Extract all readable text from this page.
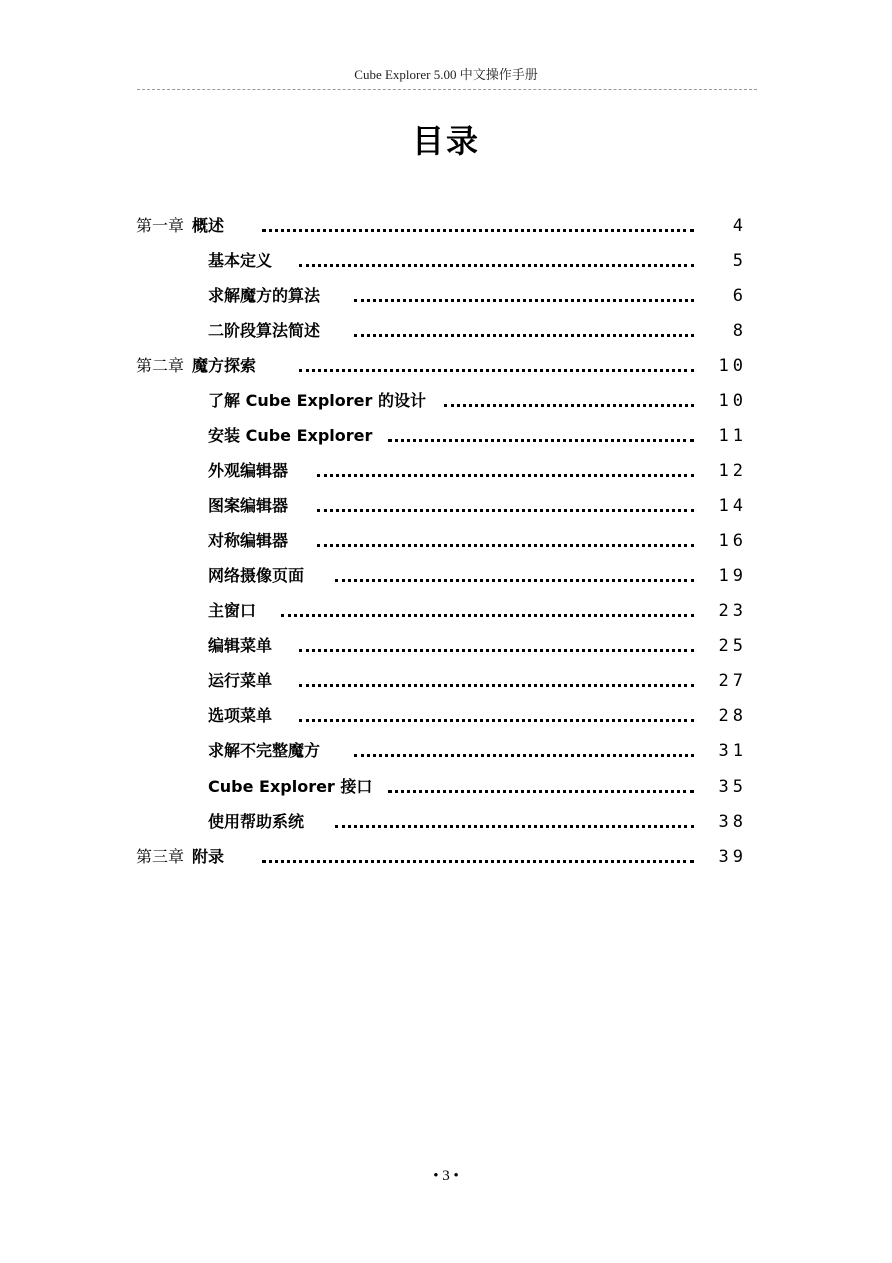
Cube Explorer 5.00 中文操作手册
目录
第一章 概述	4
基本定义	5
求解魔方的算法	6
二阶段算法简述	8
第二章 魔方探索	10
了解 Cube Explorer 的设计	10
安装 Cube Explorer	11
外观编辑器	12
图案编辑器	14
对称编辑器	16
网络摄像页面	19
主窗口	23
编辑菜单	25
运行菜单	27
选项菜单	28
求解不完整魔方	31
Cube Explorer 接口	35
使用帮助系统	38
第三章 附录	39
• 3 •
